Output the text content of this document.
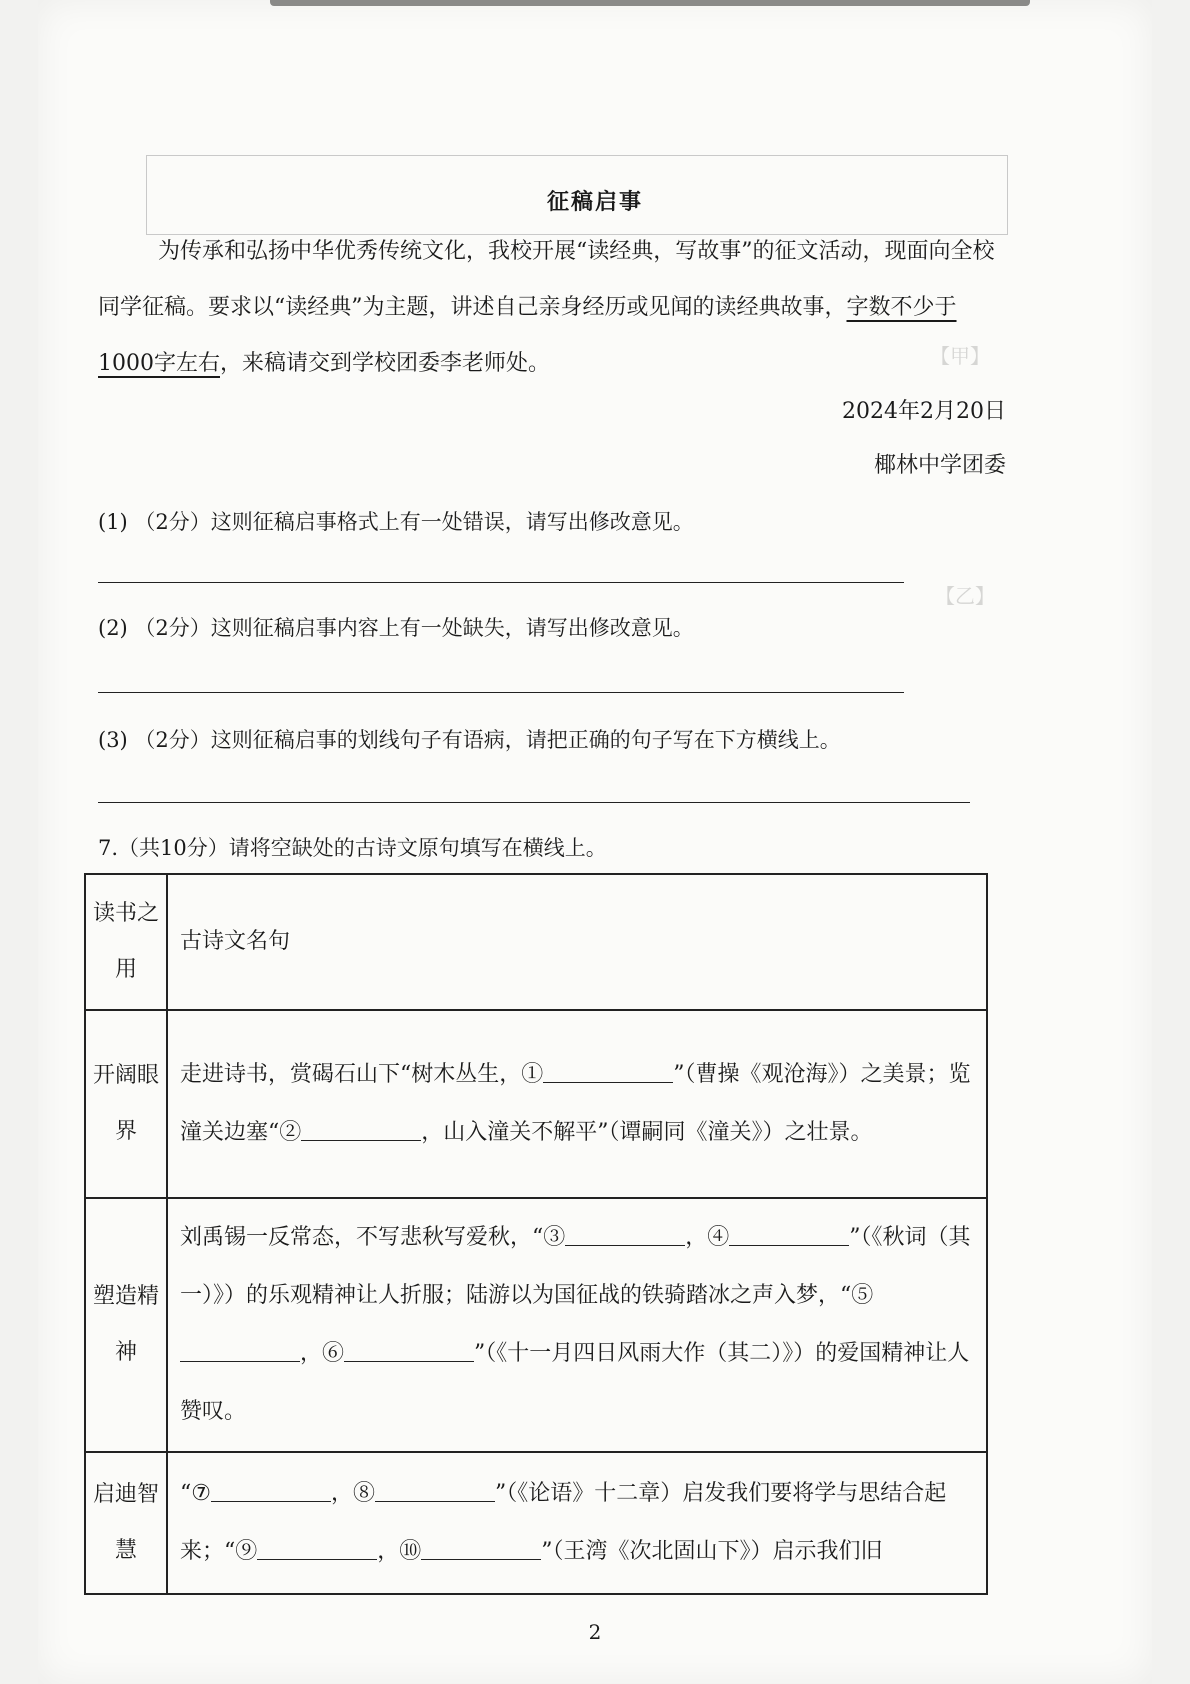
【甲】
【乙】
征稿启事

为传承和弘扬中华优秀传统文化，我校开展“读经典，写故事”的征文活动，现面向全校同学征稿。要求以“读经典”为主题，讲述自己亲身经历或见闻的读经典故事，字数不少于1000字左右，来稿请交到学校团委李老师处。

2024年2月20日
椰林中学团委
(1) （2分）这则征稿启事格式上有一处错误，请写出修改意见。
(2) （2分）这则征稿启事内容上有一处缺失，请写出修改意见。
(3) （2分）这则征稿启事的划线句子有语病，请把正确的句子写在下方横线上。
7.（共10分）请将空缺处的古诗文原句填写在横线上。
读书之用	古诗文名句
开阔眼界	走进诗书，赏碣石山下“树木丛生，① ”（曹操《观沧海》）之美景；览潼关边塞“② ，山入潼关不解平”（谭嗣同《潼关》）之壮景。
塑造精神	刘禹锡一反常态，不写悲秋写爱秋，“③ ，④ ”（《秋词（其一）》）的乐观精神让人折服；陆游以为国征战的铁骑踏冰之声入梦，“⑤，⑥ ”（《十一月四日风雨大作（其二）》）的爱国精神让人赞叹。
启迪智慧	“⑦ ，⑧ ”（《论语》十二章）启发我们要将学与思结合起来；“⑨ ，⑩ ”（王湾《次北固山下》）启示我们旧
2
